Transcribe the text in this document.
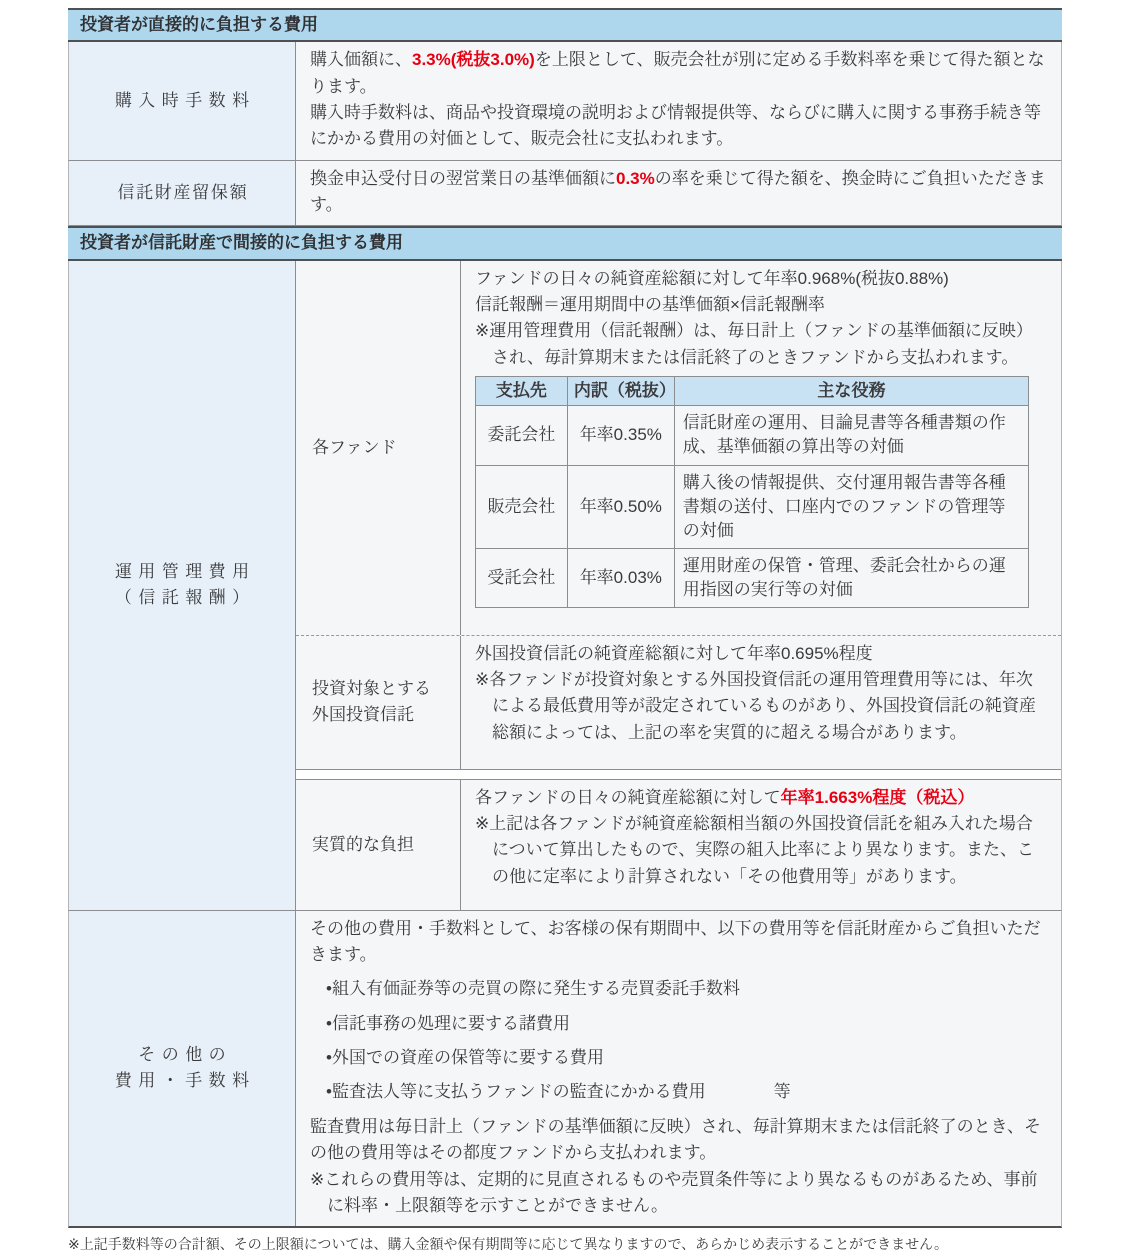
投資者が直接的に負担する費用
購入時手数料

購入価額に、3.3%(税抜3.0%)を上限として、販売会社が別に定める手数料率を乗じて得た額となります。

購入時手数料は、商品や投資環境の説明および情報提供等、ならびに購入に関する事務手続き等にかかる費用の対価として、販売会社に支払われます。

信託財産留保額

換金申込受付日の翌営業日の基準価額に0.3%の率を乗じて得た額を、換金時にご負担いただきます。

投資者が信託財産で間接的に負担する費用
運用管理費用
（信託報酬）
各ファンド

ファンドの日々の純資産総額に対して年率0.968%(税抜0.88%)

信託報酬＝運用期間中の基準価額×信託報酬率

※運用管理費用（信託報酬）は、毎日計上（ファンドの基準価額に反映）され、毎計算期末または信託終了のときファンドから支払われます。

支払先	内訳（税抜）	主な役務
委託会社	年率0.35%	信託財産の運用、目論見書等各種書類の作成、基準価額の算出等の対価
販売会社	年率0.50%	購入後の情報提供、交付運用報告書等各種書類の送付、口座内でのファンドの管理等の対価
受託会社	年率0.03%	運用財産の保管・管理、委託会社からの運用指図の実行等の対価
投資対象とする
外国投資信託

外国投資信託の純資産総額に対して年率0.695%程度

※各ファンドが投資対象とする外国投資信託の運用管理費用等には、年次による最低費用等が設定されているものがあり、外国投資信託の純資産総額によっては、上記の率を実質的に超える場合があります。

実質的な負担

各ファンドの日々の純資産総額に対して年率1.663%程度（税込）

※上記は各ファンドが純資産総額相当額の外国投資信託を組み入れた場合について算出したもので、実際の組入比率により異なります。また、この他に定率により計算されない「その他費用等」があります。

その他の
費用・手数料

その他の費用・手数料として、お客様の保有期間中、以下の費用等を信託財産からご負担いただきます。

•組入有価証券等の売買の際に発生する売買委託手数料
•信託事務の処理に要する諸費用
•外国での資産の保管等に要する費用
•監査法人等に支払うファンドの監査にかかる費用　　　　等

監査費用は毎日計上（ファンドの基準価額に反映）され、毎計算期末または信託終了のとき、その他の費用等はその都度ファンドから支払われます。

※これらの費用等は、定期的に見直されるものや売買条件等により異なるものがあるため、事前に料率・上限額等を示すことができません。

※上記手数料等の合計額、その上限額については、購入金額や保有期間等に応じて異なりますので、あらかじめ表示することができません。
